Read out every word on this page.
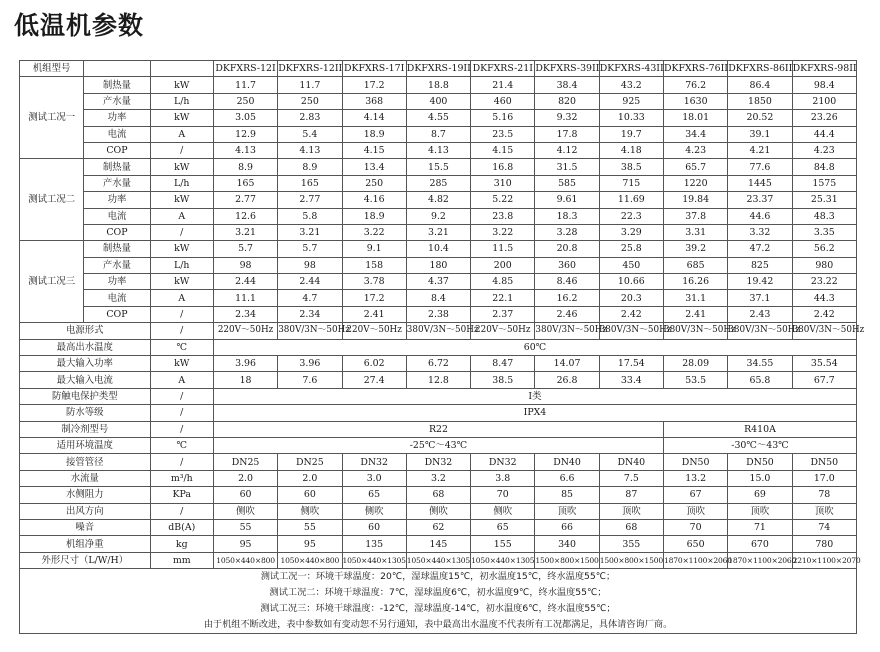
低温机参数
机组型号			DKFXRS-12I	DKFXRS-12II	DKFXRS-17I	DKFXRS-19II	DKFXRS-21I	DKFXRS-39II	DKFXRS-43II	DKFXRS-76II	DKFXRS-86II	DKFXRS-98II
测试工况一	制热量	kW	11.7	11.7	17.2	18.8	21.4	38.4	43.2	76.2	86.4	98.4
	产水量	L/h	250	250	368	400	460	820	925	1630	1850	2100
	功率	kW	3.05	2.83	4.14	4.55	5.16	9.32	10.33	18.01	20.52	23.26
	电流	A	12.9	5.4	18.9	8.7	23.5	17.8	19.7	34.4	39.1	44.4
	COP	/	4.13	4.13	4.15	4.13	4.15	4.12	4.18	4.23	4.21	4.23
测试工况二	制热量	kW	8.9	8.9	13.4	15.5	16.8	31.5	38.5	65.7	77.6	84.8
	产水量	L/h	165	165	250	285	310	585	715	1220	1445	1575
	功率	kW	2.77	2.77	4.16	4.82	5.22	9.61	11.69	19.84	23.37	25.31
	电流	A	12.6	5.8	18.9	9.2	23.8	18.3	22.3	37.8	44.6	48.3
	COP	/	3.21	3.21	3.22	3.21	3.22	3.28	3.29	3.31	3.32	3.35
测试工况三	制热量	kW	5.7	5.7	9.1	10.4	11.5	20.8	25.8	39.2	47.2	56.2
	产水量	L/h	98	98	158	180	200	360	450	685	825	980
	功率	kW	2.44	2.44	3.78	4.37	4.85	8.46	10.66	16.26	19.42	23.22
	电流	A	11.1	4.7	17.2	8.4	22.1	16.2	20.3	31.1	37.1	44.3
	COP	/	2.34	2.34	2.41	2.38	2.37	2.46	2.42	2.41	2.43	2.42
电源形式		/	220V～50Hz	380V/3N～50Hz	220V～50Hz	380V/3N～50Hz	220V～50Hz	380V/3N～50Hz	380V/3N～50Hz	380V/3N～50Hz	380V/3N～50Hz	380V/3N～50Hz
最高出水温度		℃	60℃									
最大输入功率		kW	3.96	3.96	6.02	6.72	8.47	14.07	17.54	28.09	34.55	35.54
最大输入电流		A	18	7.6	27.4	12.8	38.5	26.8	33.4	53.5	65.8	67.7
防触电保护类型		/	I类									
防水等级		/	IPX4									
制冷剂型号		/	R22							R410A		
适用环境温度		℃	-25℃～43℃							-30℃～43℃		
接管管径		/	DN25	DN25	DN32	DN32	DN32	DN40	DN40	DN50	DN50	DN50
水流量		m³/h	2.0	2.0	3.0	3.2	3.8	6.6	7.5	13.2	15.0	17.0
水侧阻力		KPa	60	60	65	68	70	85	87	67	69	78
出风方向		/	侧吹	侧吹	侧吹	侧吹	侧吹	顶吹	顶吹	顶吹	顶吹	顶吹
噪音		dB(A)	55	55	60	62	65	66	68	70	71	74
机组净重		kg	95	95	135	145	155	340	355	650	670	780
外形尺寸（L/W/H）		mm	1050×440×800	1050×440×800	1050×440×1305	1050×440×1305	1050×440×1305	1500×800×1500	1500×800×1500	1870×1100×2060	1870×1100×2060	2210×1100×2070

测试工况一：环境干球温度：20℃，湿球温度15℃，初水温度15℃，终水温度55℃；
测试工况二：环境干球温度：7℃，湿球温度6℃，初水温度9℃，终水温度55℃；
测试工况三：环境干球温度：-12℃，湿球温度-14℃，初水温度6℃，终水温度55℃；
由于机组不断改进，表中参数如有变动恕不另行通知，表中最高出水温度不代表所有工况都满足，具体请咨询厂商。												
